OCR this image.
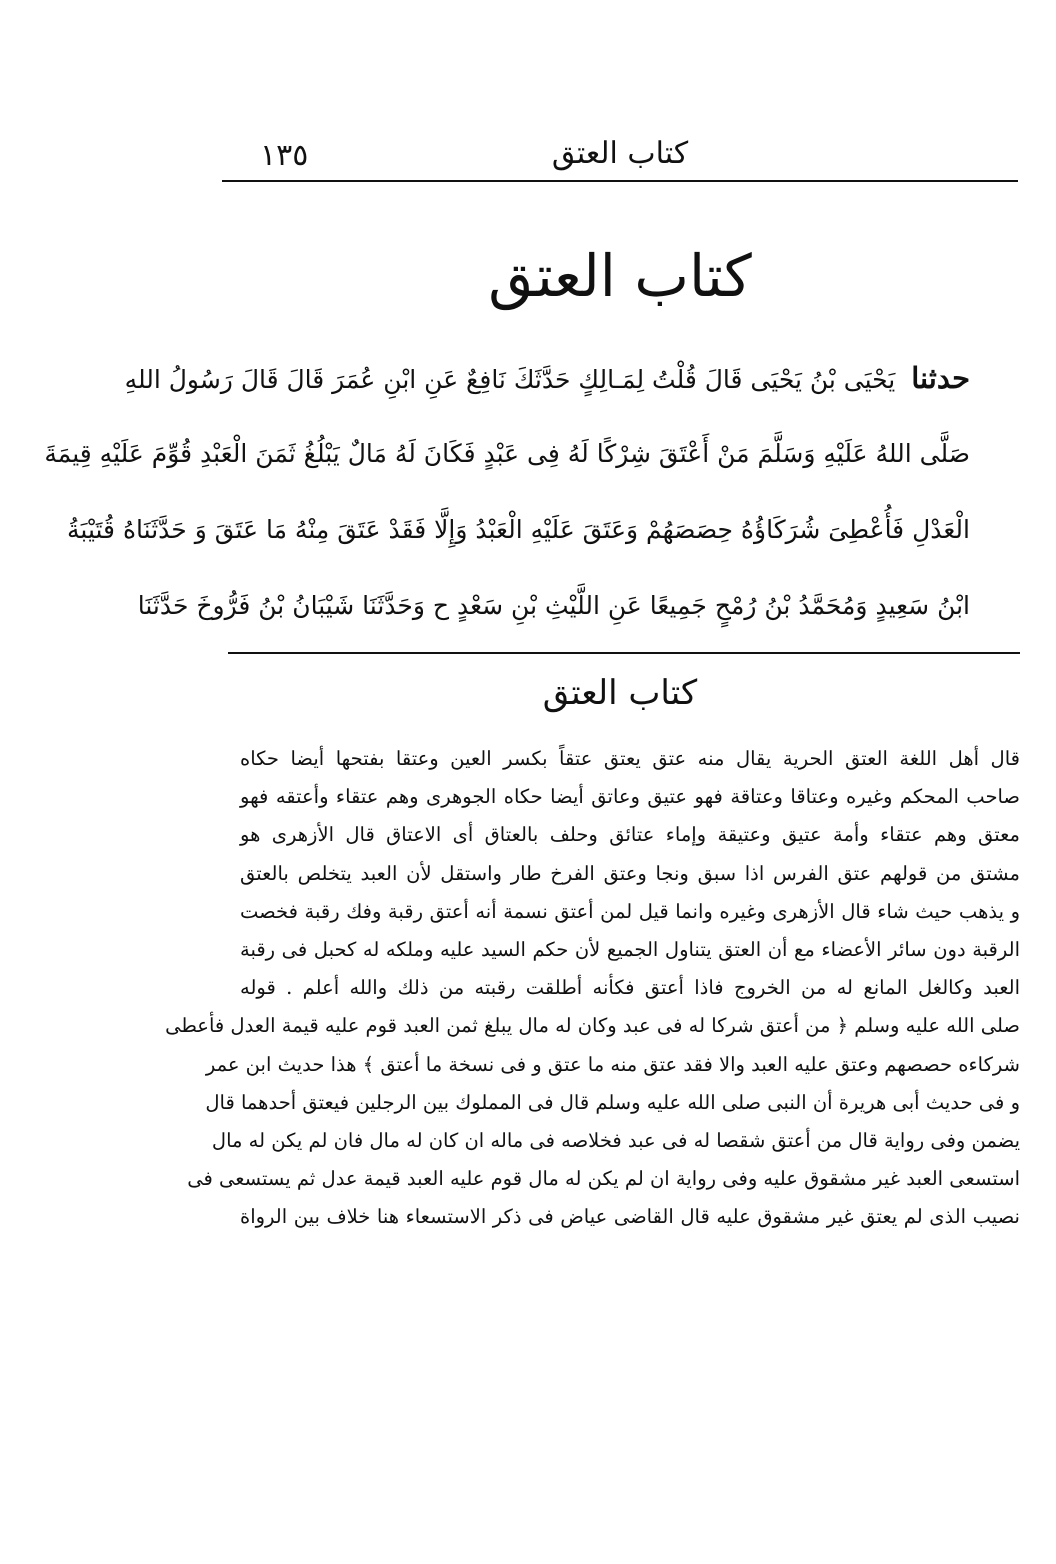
كتاب العتق
١٣٥
كتاب العتق
حدثنا  يَحْيَى بْنُ يَحْيَى قَالَ قُلْتُ لِمَـالِكٍ حَدَّثَكَ نَافِعٌ عَنِ ابْنِ عُمَرَ قَالَ قَالَ رَسُولُ اللهِ
صَلَّى اللهُ عَلَيْهِ وَسَلَّمَ مَنْ أَعْتَقَ شِرْكًا لَهُ فِى عَبْدٍ فَكَانَ لَهُ مَالٌ يَبْلُغُ ثَمَنَ الْعَبْدِ قُوِّمَ عَلَيْهِ قِيمَةَ
الْعَدْلِ فَأُعْطِىَ شُرَكَاؤُهُ حِصَصَهُمْ وَعَتَقَ عَلَيْهِ الْعَبْدُ وَإِلَّا فَقَدْ عَتَقَ مِنْهُ مَا عَتَقَ وَ حَدَّثَنَاهُ قُتَيْبَةُ
ابْنُ سَعِيدٍ وَمُحَمَّدُ بْنُ رُمْحٍ جَمِيعًا عَنِ اللَّيْثِ بْنِ سَعْدٍ ح وَحَدَّثَنَا شَيْبَانُ بْنُ فَرُّوخَ حَدَّثَنَا
كتاب العتق
قال أهل اللغة العتق الحرية يقال منه عتق يعتق عتقاً بكسر العين وعتقا بفتحها أيضا حكاه
صاحب المحكم وغيره وعتاقا وعتاقة فهو عتيق وعاتق أيضا حكاه الجوهرى وهم عتقاء وأعتقه فهو
معتق وهم عتقاء وأمة عتيق وعتيقة وإماء عتائق وحلف بالعتاق أى الاعتاق قال الأزهرى هو
مشتق من قولهم عتق الفرس اذا سبق ونجا وعتق الفرخ طار واستقل لأن العبد يتخلص بالعتق
و يذهب حيث شاء قال الأزهرى وغيره وانما قيل لمن أعتق نسمة أنه أعتق رقبة وفك رقبة فخصت
الرقبة دون سائر الأعضاء مع أن العتق يتناول الجميع لأن حكم السيد عليه وملكه له كحبل فى رقبة
العبد وكالغل المانع له من الخروج فاذا أعتق فكأنه أطلقت رقبته من ذلك والله أعلم . قوله
صلى الله عليه وسلم ﴿ من أعتق شركا له فى عبد وكان له مال يبلغ ثمن العبد قوم عليه قيمة العدل فأعطى
شركاءه حصصهم وعتق عليه العبد والا فقد عتق منه ما عتق و فى نسخة ما أعتق ﴾ هذا حديث ابن عمر
و فى حديث أبى هريرة أن النبى صلى الله عليه وسلم قال فى المملوك بين الرجلين فيعتق أحدهما قال
يضمن وفى رواية قال من أعتق شقصا له فى عبد فخلاصه فى ماله ان كان له مال فان لم يكن له مال
استسعى العبد غير مشقوق عليه وفى رواية ان لم يكن له مال قوم عليه العبد قيمة عدل ثم يستسعى فى
نصيب الذى لم يعتق غير مشقوق عليه قال القاضى عياض فى ذكر الاستسعاء هنا خلاف بين الرواة
